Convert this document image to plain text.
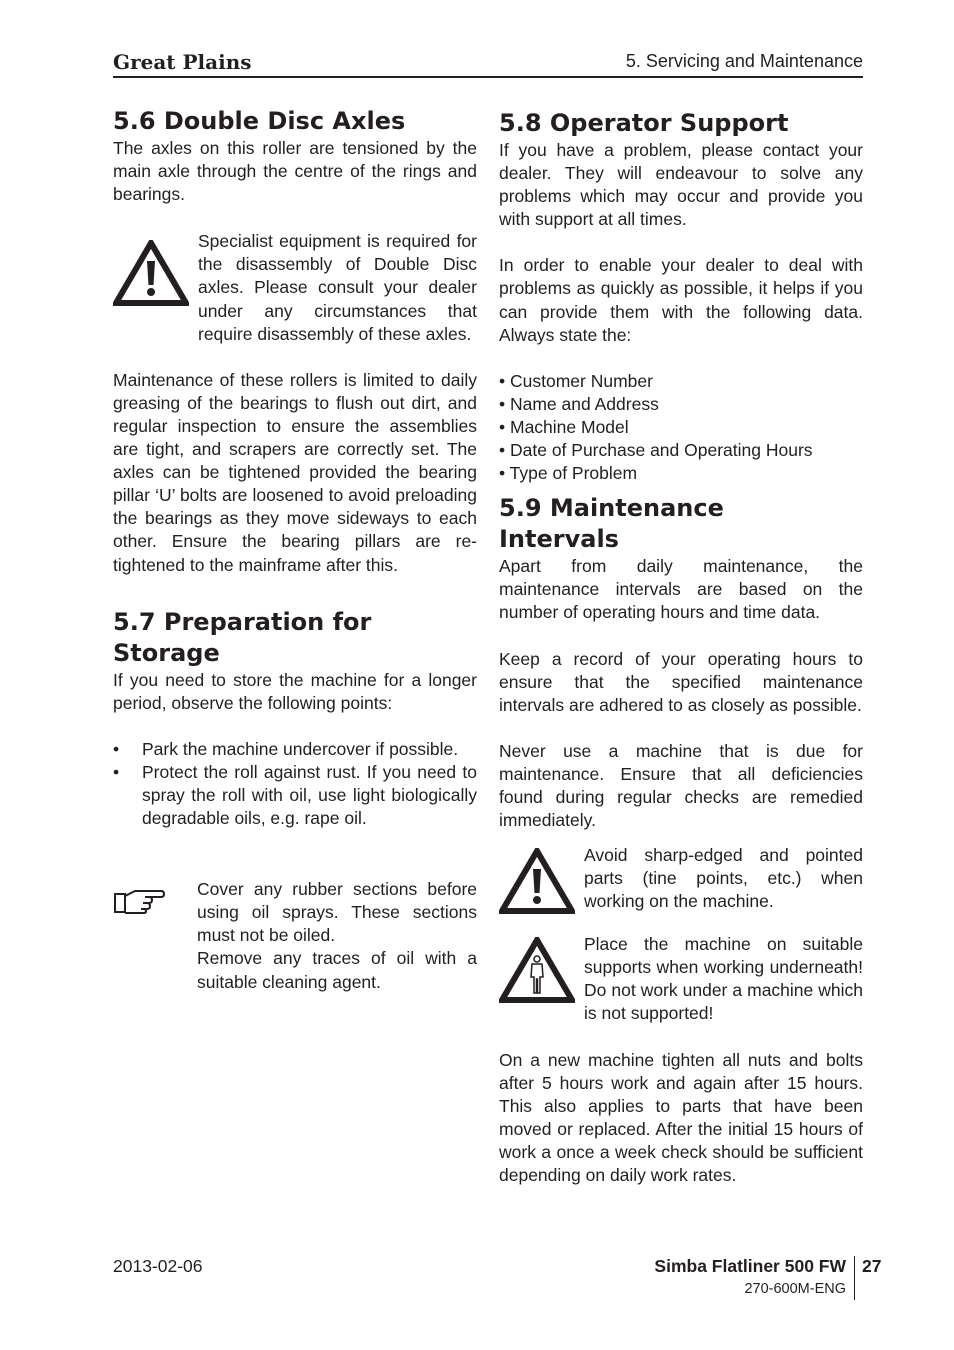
Great Plains	5. Servicing and Maintenance
5.6 Double Disc Axles

The axles on this roller are tensioned by the main axle through the centre of the rings and bearings.

Specialist equipment is required for the disassembly of Double Disc axles. Please consult your dealer under any circumstances that require disassembly of these axles.

Maintenance of these rollers is limited to daily greasing of the bearings to flush out dirt, and regular inspection to ensure the assemblies are tight, and scrapers are correctly set. The axles can be tightened provided the bearing pillar ‘U’ bolts are loosened to avoid preloading the bearings as they move sideways to each other. Ensure the bearing pillars are re- tightened to the mainframe after this.

5.7 Preparation for
Storage

If you need to store the machine for a longer period, observe the following points:

• Park the machine undercover if possible.
• Protect the roll against rust. If you need to spray the roll with oil, use light biologically degradable oils, e.g. rape oil.

Cover any rubber sections before using oil sprays. These sections must not be oiled.

Remove any traces of oil with a suitable cleaning agent.

5.8 Operator Support

If you have a problem, please contact your dealer. They will endeavour to solve any problems which may occur and provide you with support at all times.

In order to enable your dealer to deal with problems as quickly as possible, it helps if you can provide them with the following data. Always state the:

• Customer Number
• Name and Address
• Machine Model
• Date of Purchase and Operating Hours
• Type of Problem
5.9 Maintenance
Intervals

Apart from daily maintenance, the maintenance intervals are based on the number of operating hours and time data.

Keep a record of your operating hours to ensure that the specified maintenance intervals are adhered to as closely as possible.

Never use a machine that is due for maintenance. Ensure that all deficiencies found during regular checks are remedied immediately.

Avoid sharp-edged and pointed parts (tine points, etc.) when working on the machine.

Place the machine on suitable supports when working underneath! Do not work under a machine which is not supported!

On a new machine tighten all nuts and bolts after 5 hours work and again after 15 hours. This also applies to parts that have been moved or replaced. After the initial 15 hours of work a once a week check should be sufficient depending on daily work rates.

2013-02-06	Simba Flatliner 500 FW
270-600M-ENG
27
